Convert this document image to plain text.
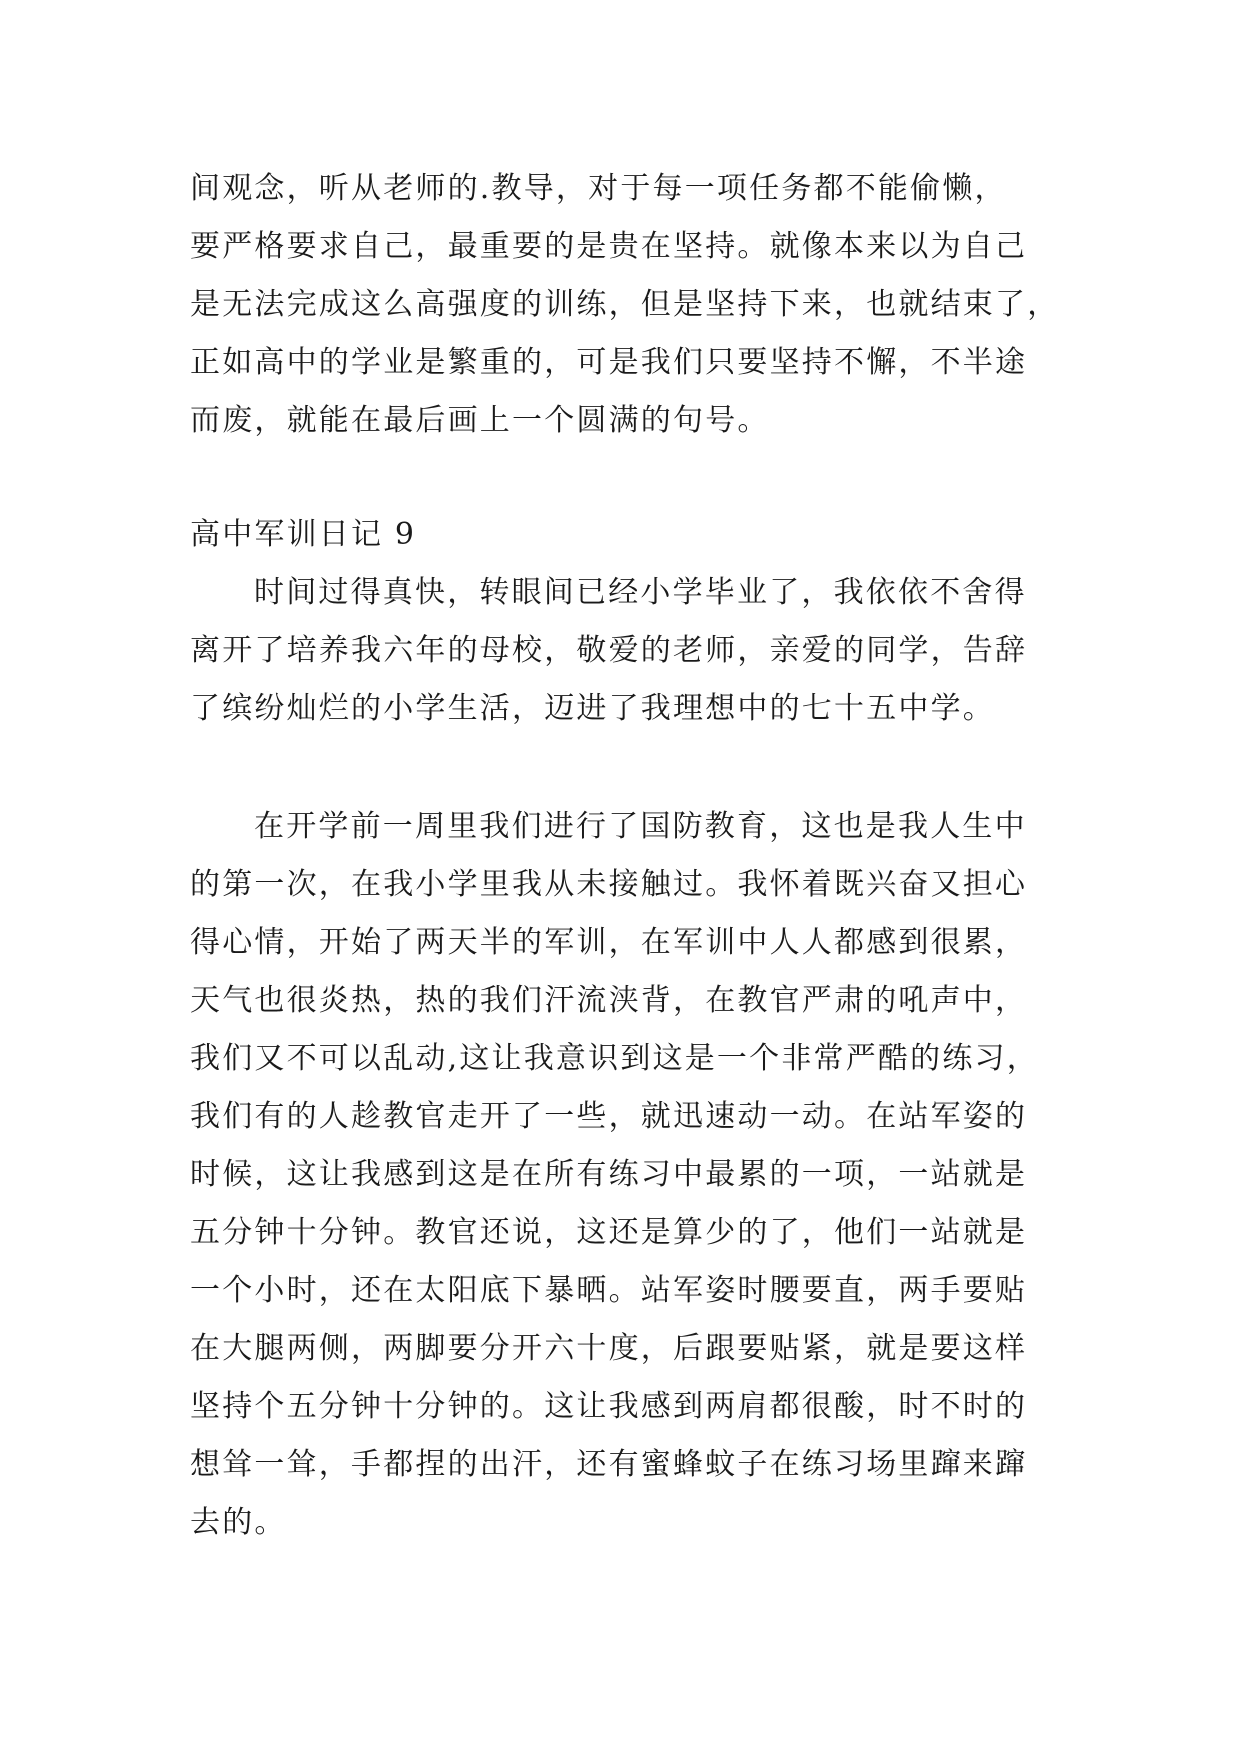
间观念，听从老师的.教导，对于每一项任务都不能偷懒，
要严格要求自己，最重要的是贵在坚持。就像本来以为自己
是无法完成这么高强度的训练，但是坚持下来，也就结束了，
正如高中的学业是繁重的，可是我们只要坚持不懈，不半途
而废，就能在最后画上一个圆满的句号。
高中军训日记 9
时间过得真快，转眼间已经小学毕业了，我依依不舍得
离开了培养我六年的母校，敬爱的老师，亲爱的同学，告辞
了缤纷灿烂的小学生活，迈进了我理想中的七十五中学。
在开学前一周里我们进行了国防教育，这也是我人生中
的第一次，在我小学里我从未接触过。我怀着既兴奋又担心
得心情，开始了两天半的军训，在军训中人人都感到很累，
天气也很炎热，热的我们汗流浃背，在教官严肃的吼声中，
我们又不可以乱动,这让我意识到这是一个非常严酷的练习，
我们有的人趁教官走开了一些，就迅速动一动。在站军姿的
时候，这让我感到这是在所有练习中最累的一项，一站就是
五分钟十分钟。教官还说，这还是算少的了，他们一站就是
一个小时，还在太阳底下暴晒。站军姿时腰要直，两手要贴
在大腿两侧，两脚要分开六十度，后跟要贴紧，就是要这样
坚持个五分钟十分钟的。这让我感到两肩都很酸，时不时的
想耸一耸，手都捏的出汗，还有蜜蜂蚊子在练习场里蹿来蹿
去的。
